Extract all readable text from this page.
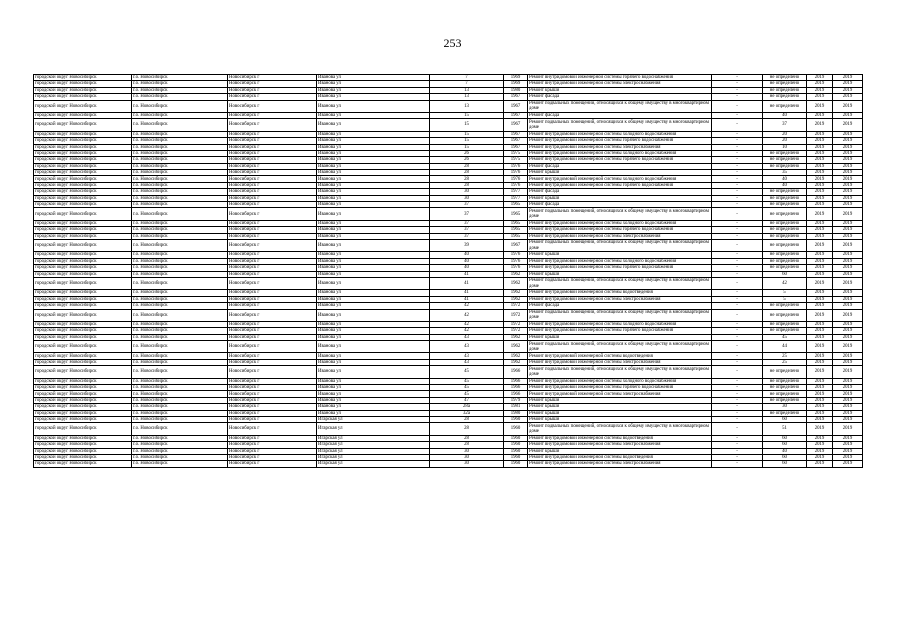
253
городской округ Новосибирск	г.о. Новосибирск	Новосибирск г	Иванова ул	7	1969	Ремонт внутридомовой инженерной системы горячего водоснабжения	-	не определено	2019	2019
городской округ Новосибирск	г.о. Новосибирск	Новосибирск г	Иванова ул	7	1969	Ремонт внутридомовой инженерной системы электроснабжения	-	не определено	2019	2019
городской округ Новосибирск	г.о. Новосибирск	Новосибирск г	Иванова ул	13	1980	Ремонт крыши	-	не определено	2019	2019
городской округ Новосибирск	г.о. Новосибирск	Новосибирск г	Иванова ул	13	1967	Ремонт фасада	-	не определено	2019	2019
городской округ Новосибирск	г.о. Новосибирск	Новосибирск г	Иванова ул	13	1967	Ремонт подвальных помещений, относящихся к общему имуществу в многоквартирном доме	-	не определено	2019	2019
городской округ Новосибирск	г.о. Новосибирск	Новосибирск г	Иванова ул	15	1967	Ремонт фасада	-	40	2019	2019
городской округ Новосибирск	г.о. Новосибирск	Новосибирск г	Иванова ул	15	1967	Ремонт подвальных помещений, относящихся к общему имуществу в многоквартирном доме	-	37	2019	2019
городской округ Новосибирск	г.о. Новосибирск	Новосибирск г	Иванова ул	15	1967	Ремонт внутридомовой инженерной системы холодного водоснабжения	-	20	2019	2019
городской округ Новосибирск	г.о. Новосибирск	Новосибирск г	Иванова ул	15	1967	Ремонт внутридомовой инженерной системы горячего водоснабжения	-	20	2019	2019
городской округ Новосибирск	г.о. Новосибирск	Новосибирск г	Иванова ул	15	1967	Ремонт внутридомовой инженерной системы электроснабжения	-	10	2019	2019
городской округ Новосибирск	г.о. Новосибирск	Новосибирск г	Иванова ул	26	1975	Ремонт внутридомовой инженерной системы холодного водоснабжения	-	не определено	2019	2019
городской округ Новосибирск	г.о. Новосибирск	Новосибирск г	Иванова ул	26	1975	Ремонт внутридомовой инженерной системы горячего водоснабжения	-	не определено	2019	2019
городской округ Новосибирск	г.о. Новосибирск	Новосибирск г	Иванова ул	28	1976	Ремонт фасада	-	не определено	2019	2019
городской округ Новосибирск	г.о. Новосибирск	Новосибирск г	Иванова ул	28	1976	Ремонт крыши	-	35	2019	2019
городской округ Новосибирск	г.о. Новосибирск	Новосибирск г	Иванова ул	28	1976	Ремонт внутридомовой инженерной системы холодного водоснабжения	-	40	2019	2019
городской округ Новосибирск	г.о. Новосибирск	Новосибирск г	Иванова ул	28	1976	Ремонт внутридомовой инженерной системы горячего водоснабжения	-	40	2019	2019
городской округ Новосибирск	г.о. Новосибирск	Новосибирск г	Иванова ул	30	1977	Ремонт фасада	-	не определено	2019	2019
городской округ Новосибирск	г.о. Новосибирск	Новосибирск г	Иванова ул	30	1977	Ремонт крыши	-	не определено	2019	2019
городской округ Новосибирск	г.о. Новосибирск	Новосибирск г	Иванова ул	37	1965	Ремонт фасада	-	не определено	2019	2019
городской округ Новосибирск	г.о. Новосибирск	Новосибирск г	Иванова ул	37	1965	Ремонт подвальных помещений, относящихся к общему имуществу в многоквартирном доме	-	не определено	2019	2019
городской округ Новосибирск	г.о. Новосибирск	Новосибирск г	Иванова ул	37	1965	Ремонт внутридомовой инженерной системы холодного водоснабжения	-	не определено	2019	2019
городской округ Новосибирск	г.о. Новосибирск	Новосибирск г	Иванова ул	37	1965	Ремонт внутридомовой инженерной системы горячего водоснабжения	-	не определено	2019	2019
городской округ Новосибирск	г.о. Новосибирск	Новосибирск г	Иванова ул	37	1965	Ремонт внутридомовой инженерной системы электроснабжения	-	не определено	2019	2019
городской округ Новосибирск	г.о. Новосибирск	Новосибирск г	Иванова ул	39	1967	Ремонт подвальных помещений, относящихся к общему имуществу в многоквартирном доме	-	не определено	2019	2019
городской округ Новосибирск	г.о. Новосибирск	Новосибирск г	Иванова ул	40	1976	Ремонт крыши	-	не определено	2019	2019
городской округ Новосибирск	г.о. Новосибирск	Новосибирск г	Иванова ул	40	1976	Ремонт внутридомовой инженерной системы холодного водоснабжения	-	не определено	2019	2019
городской округ Новосибирск	г.о. Новосибирск	Новосибирск г	Иванова ул	40	1976	Ремонт внутридомовой инженерной системы горячего водоснабжения	-	не определено	2019	2019
городской округ Новосибирск	г.о. Новосибирск	Новосибирск г	Иванова ул	41	1962	Ремонт крыши	-	60	2019	2019
городской округ Новосибирск	г.о. Новосибирск	Новосибирск г	Иванова ул	41	1962	Ремонт подвальных помещений, относящихся к общему имуществу в многоквартирном доме	-	42	2019	2019
городской округ Новосибирск	г.о. Новосибирск	Новосибирск г	Иванова ул	41	1962	Ремонт внутридомовой инженерной системы водоотведения	-	5	2019	2019
городской округ Новосибирск	г.о. Новосибирск	Новосибирск г	Иванова ул	41	1962	Ремонт внутридомовой инженерной системы электроснабжения	-	5	2019	2019
городской округ Новосибирск	г.о. Новосибирск	Новосибирск г	Иванова ул	42	1972	Ремонт фасада	-	не определено	2019	2019
городской округ Новосибирск	г.о. Новосибирск	Новосибирск г	Иванова ул	42	1972	Ремонт подвальных помещений, относящихся к общему имуществу в многоквартирном доме	-	не определено	2019	2019
городской округ Новосибирск	г.о. Новосибирск	Новосибирск г	Иванова ул	42	1972	Ремонт внутридомовой инженерной системы холодного водоснабжения	-	не определено	2019	2019
городской округ Новосибирск	г.о. Новосибирск	Новосибирск г	Иванова ул	42	1972	Ремонт внутридомовой инженерной системы горячего водоснабжения	-	не определено	2019	2019
городской округ Новосибирск	г.о. Новосибирск	Новосибирск г	Иванова ул	43	1962	Ремонт крыши	-	45	2019	2019
городской округ Новосибирск	г.о. Новосибирск	Новосибирск г	Иванова ул	43	1962	Ремонт подвальных помещений, относящихся к общему имуществу в многоквартирном доме	-	44	2019	2019
городской округ Новосибирск	г.о. Новосибирск	Новосибирск г	Иванова ул	43	1962	Ремонт внутридомовой инженерной системы водоотведения	-	25	2019	2019
городской округ Новосибирск	г.о. Новосибирск	Новосибирск г	Иванова ул	43	1962	Ремонт внутридомовой инженерной системы электроснабжения	-	25	2019	2019
городской округ Новосибирск	г.о. Новосибирск	Новосибирск г	Иванова ул	45	1966	Ремонт подвальных помещений, относящихся к общему имуществу в многоквартирном доме	-	не определено	2019	2019
городской округ Новосибирск	г.о. Новосибирск	Новосибирск г	Иванова ул	45	1966	Ремонт внутридомовой инженерной системы холодного водоснабжения	-	не определено	2019	2019
городской округ Новосибирск	г.о. Новосибирск	Новосибирск г	Иванова ул	45	1966	Ремонт внутридомовой инженерной системы горячего водоснабжения	-	не определено	2019	2019
городской округ Новосибирск	г.о. Новосибирск	Новосибирск г	Иванова ул	45	1966	Ремонт внутридомовой инженерной системы электроснабжения	-	не определено	2019	2019
городской округ Новосибирск	г.о. Новосибирск	Новосибирск г	Иванова ул	47	1979	Ремонт крыши	-	не определено	2019	2019
городской округ Новосибирск	г.о. Новосибирск	Новосибирск г	Иванова ул	28а	1981	Ремонт крыши	-	30	2019	2019
городской округ Новосибирск	г.о. Новосибирск	Новосибирск г	Иванова ул	32а	1980	Ремонт крыши	-	не определено	2019	2019
городской округ Новосибирск	г.о. Новосибирск	Новосибирск г	Игарская ул	28	1960	Ремонт крыши	-	60	2019	2019
городской округ Новосибирск	г.о. Новосибирск	Новосибирск г	Игарская ул	28	1960	Ремонт подвальных помещений, относящихся к общему имуществу в многоквартирном доме	-	51	2019	2019
городской округ Новосибирск	г.о. Новосибирск	Новосибирск г	Игарская ул	28	1960	Ремонт внутридомовой инженерной системы водоотведения	-	60	2019	2019
городской округ Новосибирск	г.о. Новосибирск	Новосибирск г	Игарская ул	28	1960	Ремонт внутридомовой инженерной системы электроснабжения	-	60	2019	2019
городской округ Новосибирск	г.о. Новосибирск	Новосибирск г	Игарская ул	30	1960	Ремонт крыши	-	40	2019	2019
городской округ Новосибирск	г.о. Новосибирск	Новосибирск г	Игарская ул	30	1960	Ремонт внутридомовой инженерной системы водоотведения	-	60	2019	2019
городской округ Новосибирск	г.о. Новосибирск	Новосибирск г	Игарская ул	30	1960	Ремонт внутридомовой инженерной системы электроснабжения	-	60	2019	2019
